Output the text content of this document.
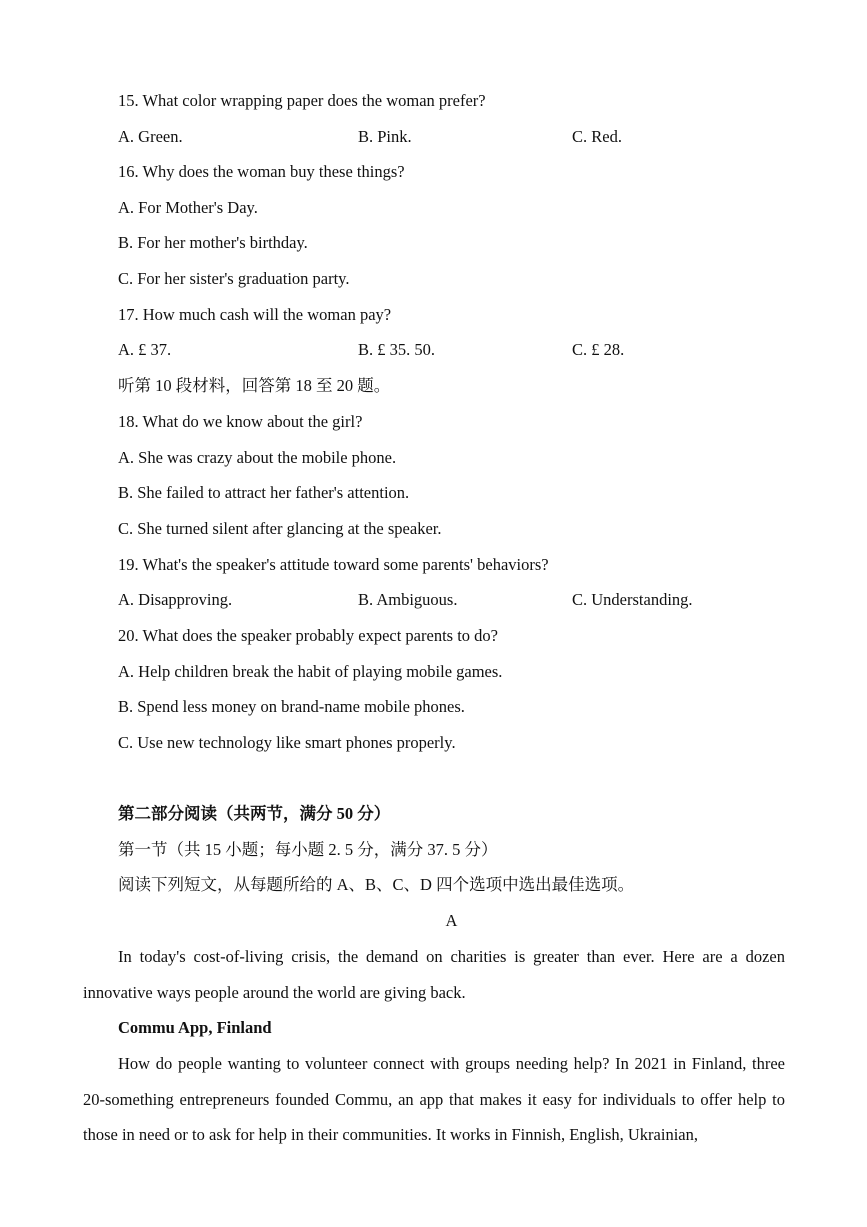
15. What color wrapping paper does the woman prefer?
A. Green.	B. Pink.	C. Red.
16. Why does the woman buy these things?
A. For Mother's Day.
B. For her mother's birthday.
C. For her sister's graduation party.
17. How much cash will the woman pay?
A. £ 37.	B. £ 35. 50.	C. £ 28.
听第 10 段材料，回答第 18 至 20 题。
18. What do we know about the girl?
A. She was crazy about the mobile phone.
B. She failed to attract her father's attention.
C. She turned silent after glancing at the speaker.
19. What's the speaker's attitude toward some parents' behaviors?
A. Disapproving.	B. Ambiguous.	C. Understanding.
20. What does the speaker probably expect parents to do?
A. Help children break the habit of playing mobile games.
B. Spend less money on brand-name mobile phones.
C. Use new technology like smart phones properly.
第二部分阅读（共两节，满分 50 分）
第一节（共 15 小题；每小题 2. 5 分，满分 37. 5 分）
阅读下列短文，从每题所给的 A、B、C、D 四个选项中选出最佳选项。
A
In today's cost-of-living crisis, the demand on charities is greater than ever. Here are a dozen innovative ways people around the world are giving back.
Commu App, Finland
How do people wanting to volunteer connect with groups needing help? In 2021 in Finland, three 20-something entrepreneurs founded Commu, an app that makes it easy for individuals to offer help to those in need or to ask for help in their communities. It works in Finnish, English, Ukrainian,
